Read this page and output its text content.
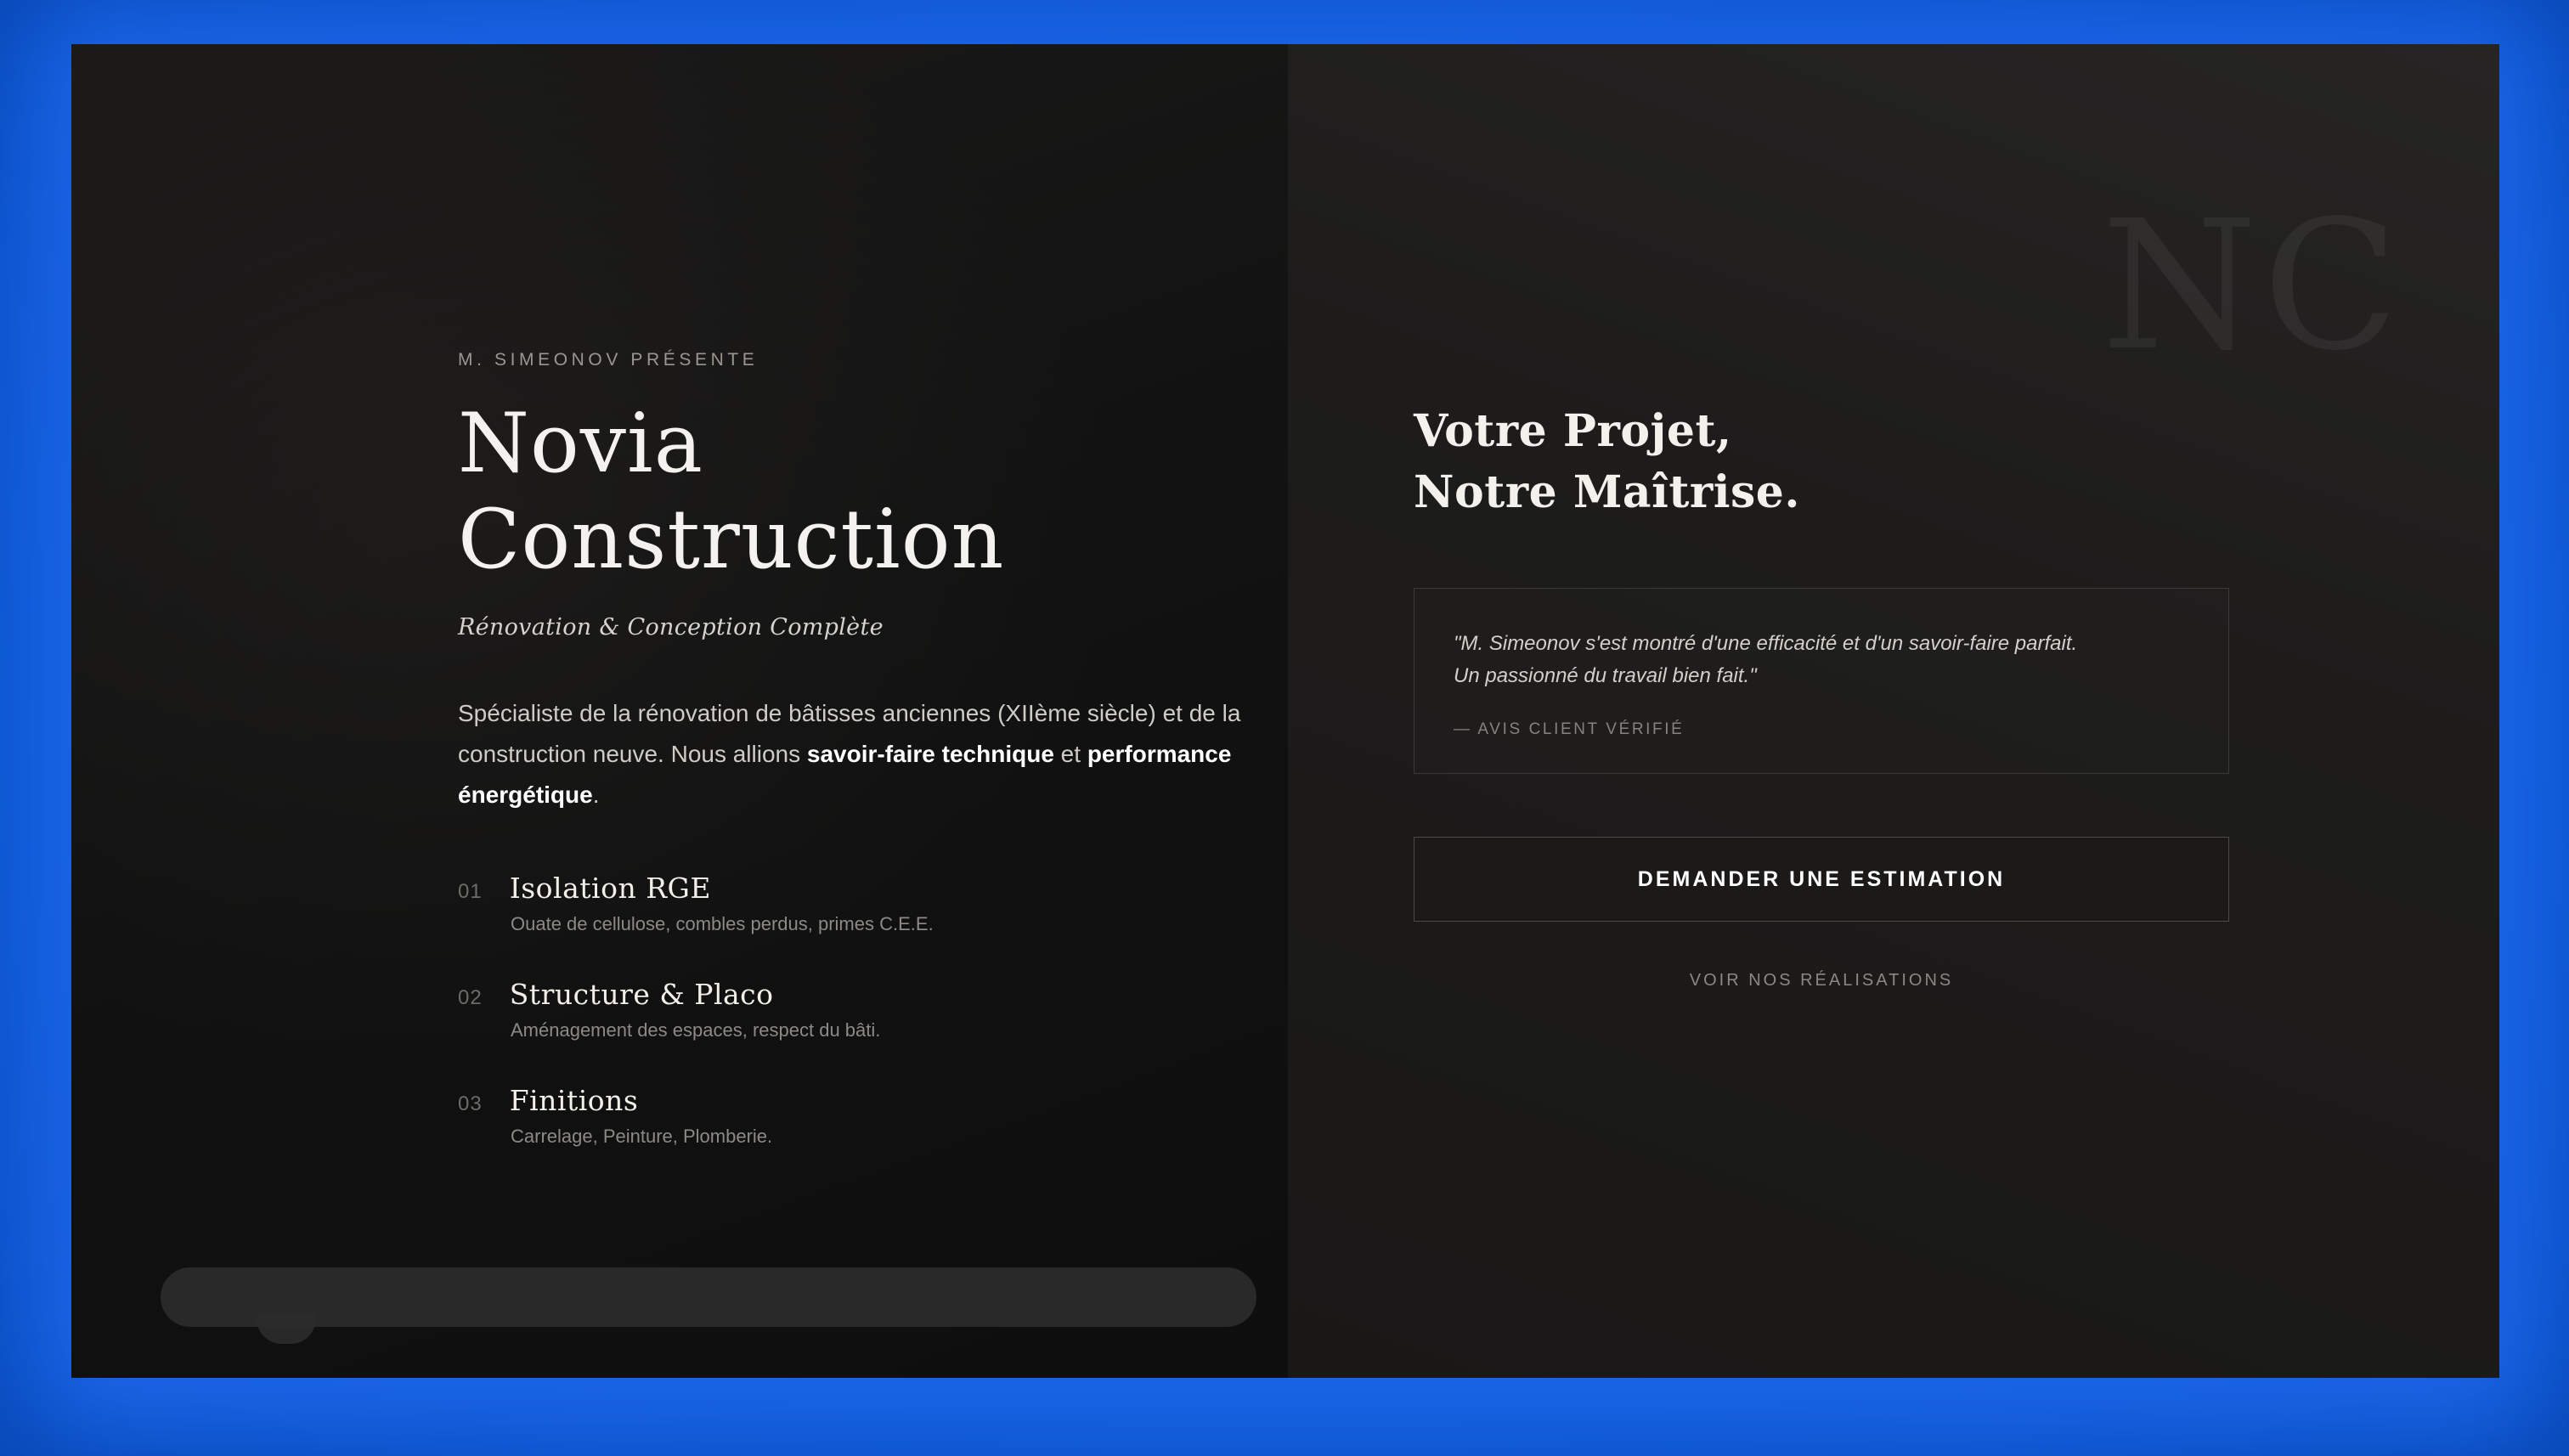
M. SIMEONOV PRÉSENTE
Novia
Construction
Rénovation & Conception Complète

Spécialiste de la rénovation de bâtisses anciennes (XIIème siècle) et de la construction neuve. Nous allions savoir-faire technique et performance énergétique.

01 Isolation RGE
Ouate de cellulose, combles perdus, primes C.E.E.
02 Structure & Placo
Aménagement des espaces, respect du bâti.
03 Finitions
Carrelage, Peinture, Plomberie.
NC
Votre Projet,
Notre Maîtrise.
"M. Simeonov s'est montré d'une efficacité et d'un savoir-faire parfait.
Un passionné du travail bien fait."
— AVIS CLIENT VÉRIFIÉ
DEMANDER UNE ESTIMATION
VOIR NOS RÉALISATIONS
